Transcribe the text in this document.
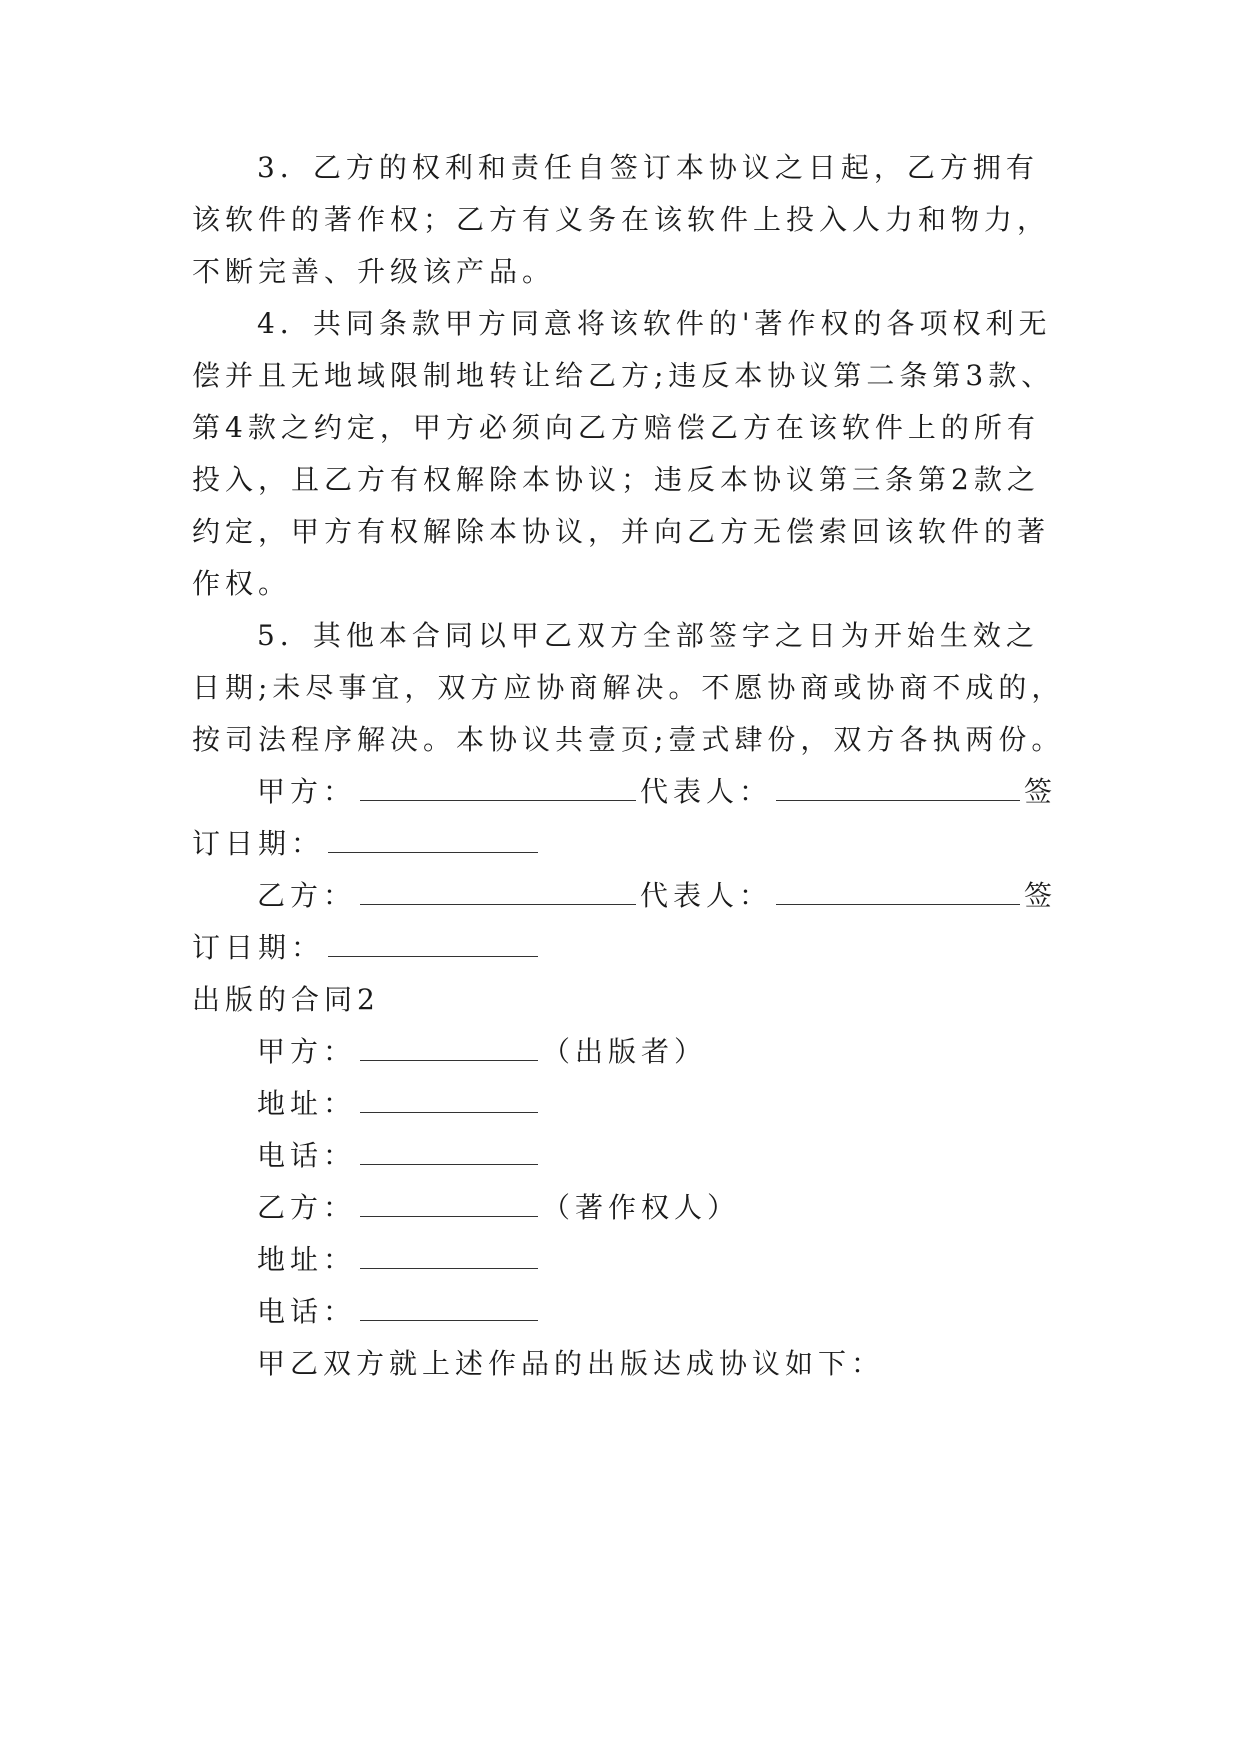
3．乙方的权利和责任自签订本协议之日起，乙方拥有
该软件的著作权；乙方有义务在该软件上投入人力和物力，
不断完善、升级该产品。
4．共同条款甲方同意将该软件的'著作权的各项权利无
偿并且无地域限制地转让给乙方;违反本协议第二条第3款、
第4款之约定，甲方必须向乙方赔偿乙方在该软件上的所有
投入，且乙方有权解除本协议；违反本协议第三条第2款之
约定，甲方有权解除本协议，并向乙方无偿索回该软件的著
作权。
5．其他本合同以甲乙双方全部签字之日为开始生效之
日期;未尽事宜，双方应协商解决。不愿协商或协商不成的，
按司法程序解决。本协议共壹页;壹式肆份，双方各执两份。
甲方：	代表人：	签
订日期：
乙方：	代表人：	签
订日期：
出版的合同2
甲方：	（出版者）
地址：
电话：
乙方：	（著作权人）
地址：
电话：
甲乙双方就上述作品的出版达成协议如下：
